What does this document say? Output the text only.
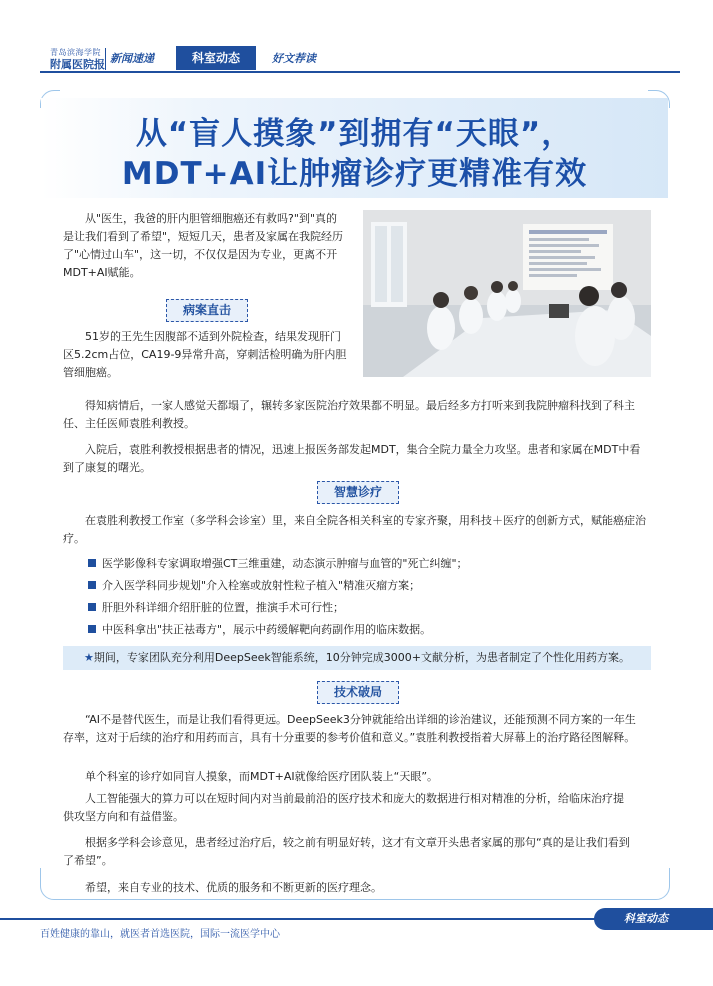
青岛滨海学院
附属医院报 新闻速递	科室动态	好文荐读
从“盲人摸象”到拥有“天眼”，
MDT+AI让肿瘤诊疗更精准有效
从"医生，我爸的肝内胆管细胞癌还有救吗?"到"真的
是让我们看到了希望"，短短几天，患者及家属在我院经历
了"心情过山车"，这一切，不仅仅是因为专业，更离不开
MDT+AI赋能。
病案直击
51岁的王先生因腹部不适到外院检查，结果发现肝门
区5.2cm占位，CA19-9异常升高，穿刺活检明确为肝内胆
管细胞癌。
得知病情后，一家人感觉天都塌了，辗转多家医院治疗效果都不明显。最后经多方打听来到我院肿瘤科找到了科主
任、主任医师袁胜利教授。
入院后，袁胜利教授根据患者的情况，迅速上报医务部发起MDT，集合全院力量全力攻坚。患者和家属在MDT中看
到了康复的曙光。
智慧诊疗
在袁胜利教授工作室（多学科会诊室）里，来自全院各相关科室的专家齐聚，用科技＋医疗的创新方式，赋能癌症治
疗。
医学影像科专家调取增强CT三维重建，动态演示肿瘤与血管的"死亡纠缠"；
介入医学科同步规划"介入栓塞或放射性粒子植入"精准灭瘤方案；
肝胆外科详细介绍肝脏的位置，推演手术可行性；
中医科拿出"扶正祛毒方"，展示中药缓解靶向药副作用的临床数据。
★期间，专家团队充分利用DeepSeek智能系统，10分钟完成3000+文献分析，为患者制定了个性化用药方案。
技术破局
“AI不是替代医生，而是让我们看得更远。DeepSeek3分钟就能给出详细的诊治建议，还能预测不同方案的一年生
存率，这对于后续的治疗和用药而言，具有十分重要的参考价值和意义。”袁胜利教授指着大屏幕上的治疗路径图解释。
单个科室的诊疗如同盲人摸象，而MDT+AI就像给医疗团队装上“天眼”。
人工智能强大的算力可以在短时间内对当前最前沿的医疗技术和庞大的数据进行相对精准的分析，给临床治疗提
供攻坚方向和有益借鉴。
根据多学科会诊意见，患者经过治疗后，较之前有明显好转，这才有文章开头患者家属的那句“真的是让我们看到
了希望”。
希望，来自专业的技术、优质的服务和不断更新的医疗理念。
科室动态
百姓健康的靠山，就医者首选医院，国际一流医学中心
